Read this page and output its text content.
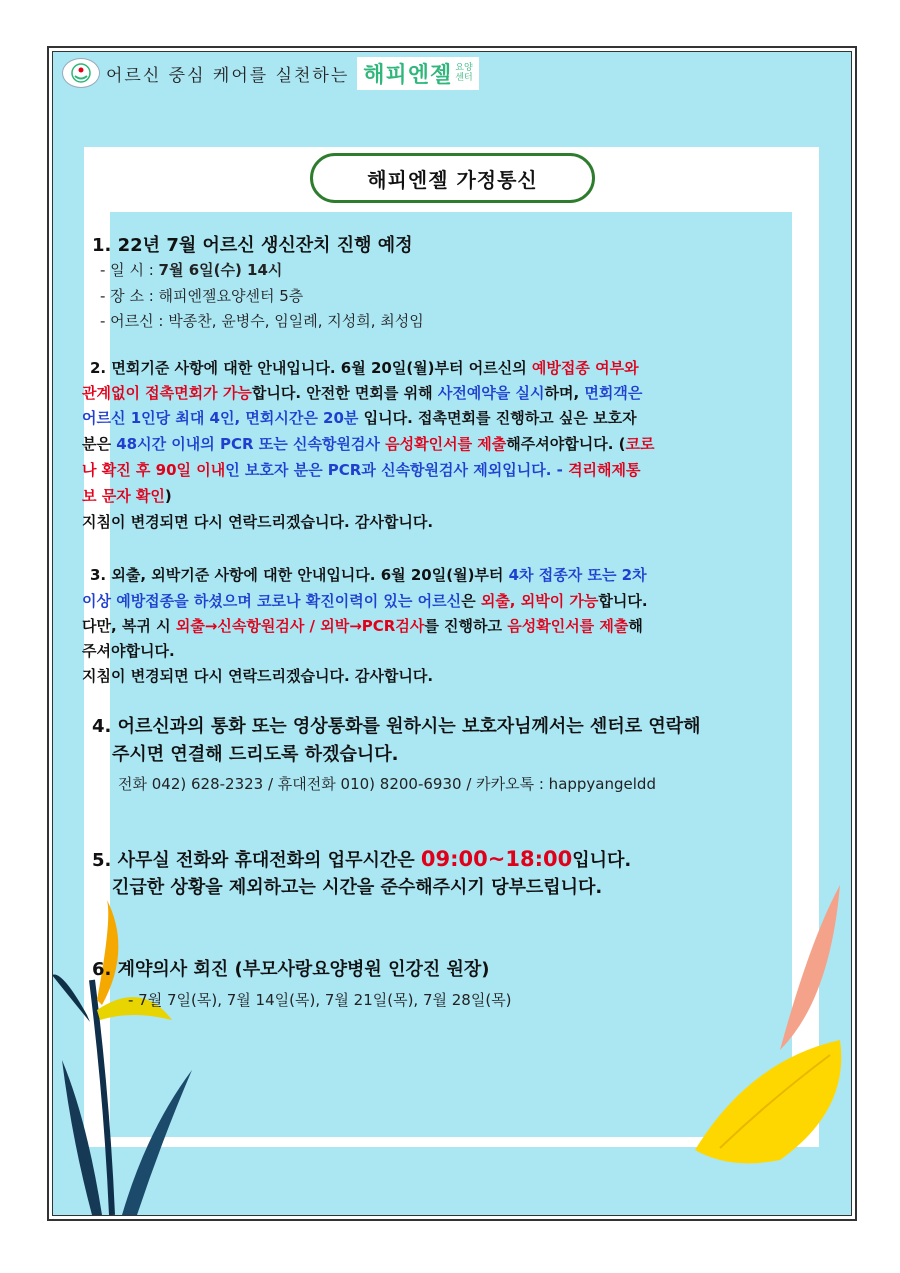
어르신 중심 케어를 실천하는 해피엔젤 요양센터
해피엔젤 가정통신
1. 22년 7월 어르신 생신잔치 진행 예정
- 일 시 : 7월 6일(수) 14시
- 장 소 : 해피엔젤요양센터 5층
- 어르신 : 박종찬, 윤병수, 임일례, 지성희, 최성임
2. 면회기준 사항에 대한 안내입니다. 6월 20일(월)부터 어르신의 예방접종 여부와
관계없이 접촉면회가 가능합니다. 안전한 면회를 위해 사전예약을 실시하며, 면회객은
어르신 1인당 최대 4인, 면회시간은 20분 입니다. 접촉면회를 진행하고 싶은 보호자
분은 48시간 이내의 PCR 또는 신속항원검사 음성확인서를 제출해주셔야합니다. (코로
나 확진 후 90일 이내인 보호자 분은 PCR과 신속항원검사 제외입니다. - 격리해제통
보 문자 확인)
지침이 변경되면 다시 연락드리겠습니다. 감사합니다.
3. 외출, 외박기준 사항에 대한 안내입니다. 6월 20일(월)부터 4차 접종자 또는 2차
이상 예방접종을 하셨으며 코로나 확진이력이 있는 어르신은 외출, 외박이 가능합니다.
다만, 복귀 시 외출→신속항원검사 / 외박→PCR검사를 진행하고 음성확인서를 제출해
주셔야합니다.
지침이 변경되면 다시 연락드리겠습니다. 감사합니다.
4. 어르신과의 통화 또는 영상통화를 원하시는 보호자님께서는 센터로 연락해
주시면 연결해 드리도록 하겠습니다.
전화 042) 628-2323 / 휴대전화 010) 8200-6930 / 카카오톡 : happyangeldd
5. 사무실 전화와 휴대전화의 업무시간은 09:00~18:00입니다.
긴급한 상황을 제외하고는 시간을 준수해주시기 당부드립니다.
6. 계약의사 회진 (부모사랑요양병원 인강진 원장)
- 7월 7일(목), 7월 14일(목), 7월 21일(목), 7월 28일(목)
